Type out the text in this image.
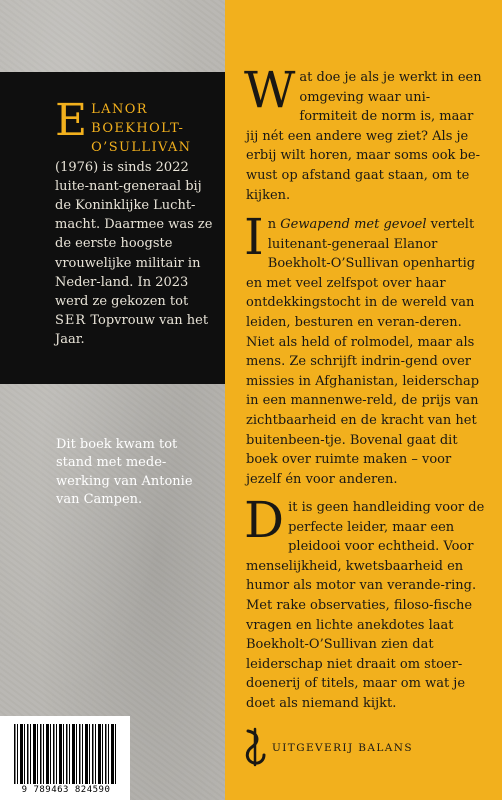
E LANOR
BOEKHOLT-
O’SULLIVAN (1976) is sinds 2022 luite-nant-generaal bij de Koninklijke Lucht-macht. Daarmee was ze de eerste hoogste vrouwelijke militair in Neder-land. In 2023 werd ze gekozen tot SER Topvrouw van het Jaar.
Dit boek kwam tot stand met mede-werking van Antonie van Campen.
9 789463 824590

Wat doe je als je werkt in een omgeving waar uni-formiteit de norm is, maar jij nét een andere weg ziet? Als je erbij wilt horen, maar soms ook be-wust op afstand gaat staan, om te kijken.

In Gewapend met gevoel vertelt luitenant-generaal Elanor Boekholt-O’Sullivan openhartig en met veel zelfspot over haar ontdekkingstocht in de wereld van leiden, besturen en veran-deren. Niet als held of rolmodel, maar als mens. Ze schrijft indrin-gend over missies in Afghanistan, leiderschap in een mannenwe-reld, de prijs van zichtbaarheid en de kracht van het buitenbeen-tje. Bovenal gaat dit boek over ruimte maken – voor jezelf én voor anderen.

Dit is geen handleiding voor de perfecte leider, maar een pleidooi voor echtheid. Voor menselijkheid, kwetsbaarheid en humor als motor van verande-ring. Met rake observaties, filoso-fische vragen en lichte anekdotes laat Boekholt-O’Sullivan zien dat leiderschap niet draait om stoer-doenerij of titels, maar om wat je doet als niemand kijkt.

UITGEVERIJ BALANS
